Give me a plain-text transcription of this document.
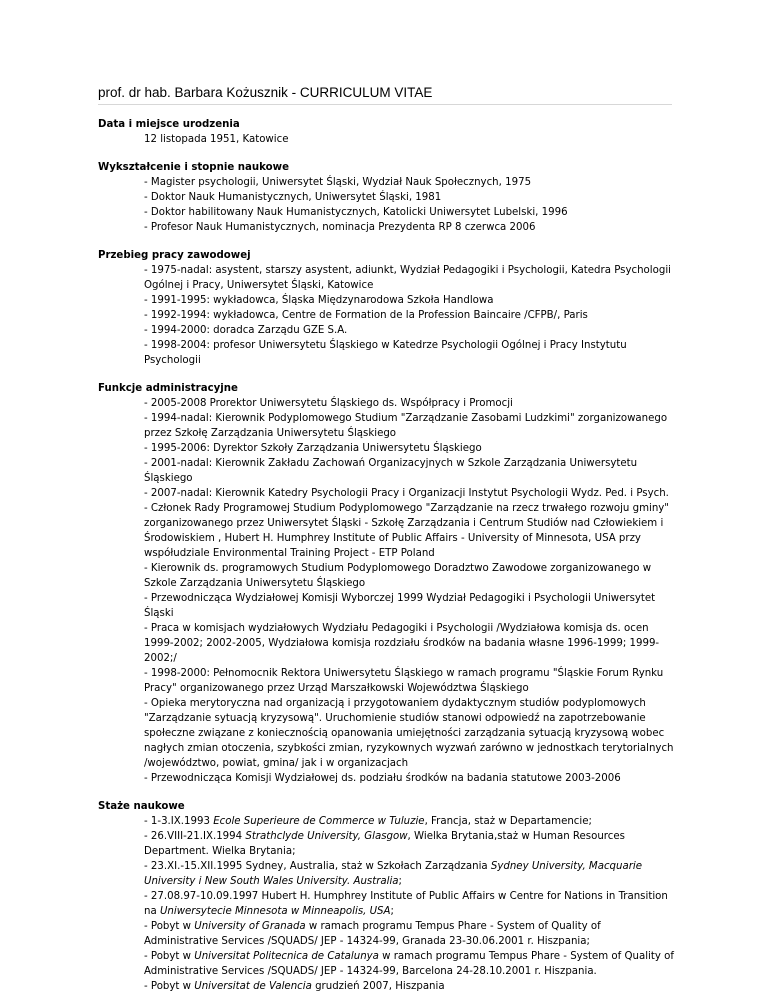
prof. dr hab. Barbara Kożusznik - CURRICULUM VITAE
Data i miejsce urodzenia
12 listopada 1951, Katowice
Wykształcenie i stopnie naukowe
- Magister psychologii, Uniwersytet Śląski, Wydział Nauk Społecznych, 1975
- Doktor Nauk Humanistycznych, Uniwersytet Śląski, 1981
- Doktor habilitowany Nauk Humanistycznych, Katolicki Uniwersytet Lubelski, 1996
- Profesor Nauk Humanistycznych, nominacja Prezydenta RP 8 czerwca 2006
Przebieg pracy zawodowej
- 1975-nadal: asystent, starszy asystent, adiunkt, Wydział Pedagogiki i Psychologii, Katedra Psychologii Ogólnej i Pracy, Uniwersytet Śląski, Katowice
- 1991-1995: wykładowca, Śląska Międzynarodowa Szkoła Handlowa
- 1992-1994: wykładowca, Centre de Formation de la Profession Baincaire /CFPB/, Paris
- 1994-2000: doradca Zarządu GZE S.A.
- 1998-2004: profesor Uniwersytetu Śląskiego w Katedrze Psychologii Ogólnej i Pracy Instytutu Psychologii
Funkcje administracyjne
- 2005-2008 Prorektor Uniwersytetu Śląskiego ds. Współpracy i Promocji
- 1994-nadal: Kierownik Podyplomowego Studium "Zarządzanie Zasobami Ludzkimi" zorganizowanego przez Szkołę Zarządzania Uniwersytetu Śląskiego
- 1995-2006: Dyrektor Szkoły Zarządzania Uniwersytetu Śląskiego
- 2001-nadal: Kierownik Zakładu Zachowań Organizacyjnych w Szkole Zarządzania Uniwersytetu Śląskiego
- 2007-nadal: Kierownik Katedry Psychologii Pracy i Organizacji Instytut Psychologii Wydz. Ped. i Psych.
- Członek Rady Programowej Studium Podyplomowego "Zarządzanie na rzecz trwałego rozwoju gminy" zorganizowanego przez Uniwersytet Śląski - Szkołę Zarządzania i Centrum Studiów nad Człowiekiem i Środowiskiem , Hubert H. Humphrey Institute of Public Affairs - University of Minnesota, USA przy współudziale Environmental Training Project - ETP Poland
- Kierownik ds. programowych Studium Podyplomowego Doradztwo Zawodowe zorganizowanego w Szkole Zarządzania Uniwersytetu Śląskiego
- Przewodnicząca Wydziałowej Komisji Wyborczej 1999 Wydział Pedagogiki i Psychologii Uniwersytet Śląski
- Praca w komisjach wydziałowych Wydziału Pedagogiki i Psychologii /Wydziałowa komisja ds. ocen 1999-2002; 2002-2005, Wydziałowa komisja rozdziału środków na badania własne 1996-1999; 1999-2002;/
- 1998-2000: Pełnomocnik Rektora Uniwersytetu Śląskiego w ramach programu "Śląskie Forum Rynku Pracy" organizowanego przez Urząd Marszałkowski Województwa Śląskiego
- Opieka merytoryczna nad organizacją i przygotowaniem dydaktycznym studiów podyplomowych "Zarządzanie sytuacją kryzysową". Uruchomienie studiów stanowi odpowiedź na zapotrzebowanie społeczne związane z koniecznością opanowania umiejętności zarządzania sytuacją kryzysową wobec nagłych zmian otoczenia, szybkości zmian, ryzykownych wyzwań zarówno w jednostkach terytorialnych /województwo, powiat, gmina/ jak i w organizacjach
- Przewodnicząca Komisji Wydziałowej ds. podziału środków na badania statutowe 2003-2006
Staże naukowe
- 1-3.IX.1993 Ecole Superieure de Commerce w Tuluzie, Francja, staż w Departamencie;
- 26.VIII-21.IX.1994 Strathclyde University, Glasgow, Wielka Brytania,staż w Human Resources Department. Wielka Brytania;
- 23.XI.-15.XII.1995 Sydney, Australia, staż w Szkołach Zarządzania Sydney University, Macquarie University i New South Wales University. Australia;
- 27.08.97-10.09.1997 Hubert H. Humphrey Institute of Public Affairs w Centre for Nations in Transition na Uniwersytecie Minnesota w Minneapolis, USA;
- Pobyt w University of Granada w ramach programu Tempus Phare - System of Quality of Administrative Services /SQUADS/ JEP - 14324-99, Granada 23-30.06.2001 r. Hiszpania;
- Pobyt w Universitat Politecnica de Catalunya w ramach programu Tempus Phare - System of Quality of Administrative Services /SQUADS/ JEP - 14324-99, Barcelona 24-28.10.2001 r. Hiszpania.
- Pobyt w Universitat de Valencia grudzień 2007, Hiszpania
